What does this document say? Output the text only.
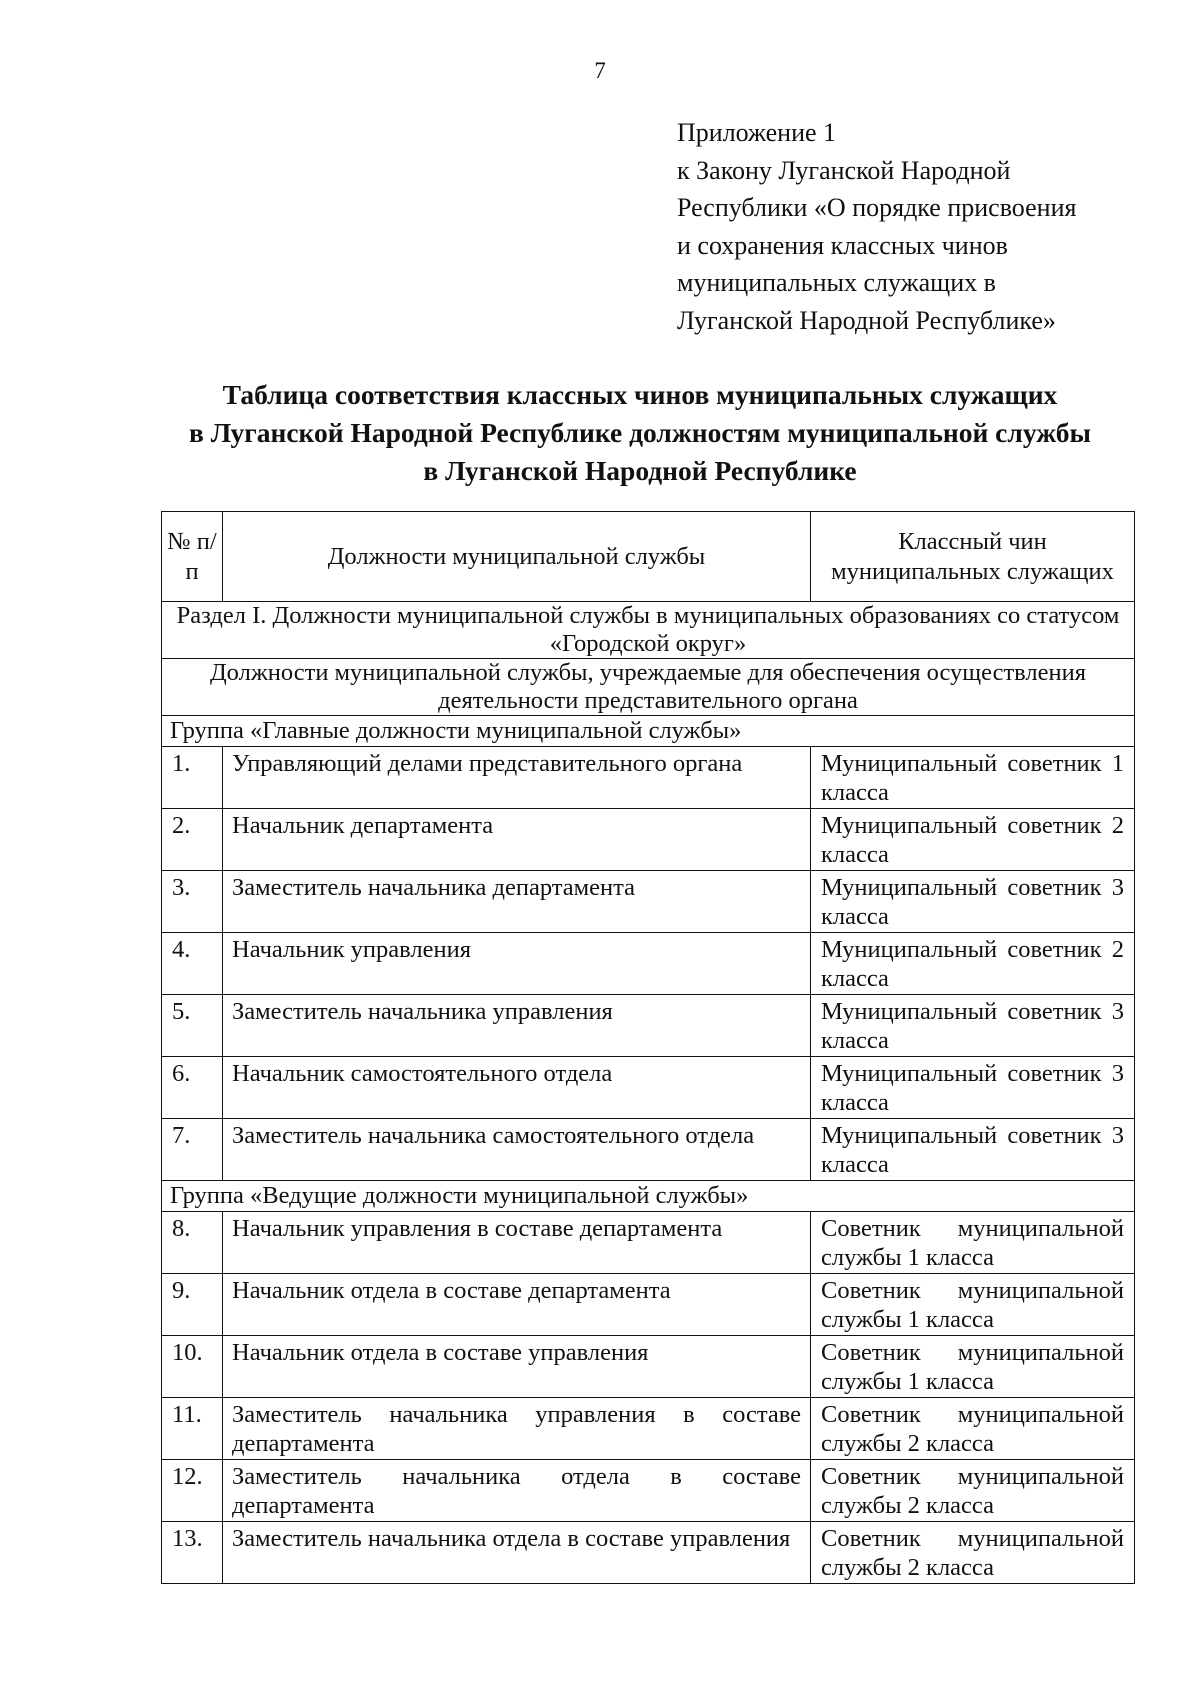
7
Приложение 1
к Закону Луганской Народной
Республики «О порядке присвоения
и сохранения классных чинов
муниципальных служащих в
Луганской Народной Республике»
Таблица соответствия классных чинов муниципальных служащих
в Луганской Народной Республике должностям муниципальной службы
в Луганской Народной Республике
№ п/п	Должности муниципальной службы	Классный чин муниципальных служащих
Раздел I. Должности муниципальной службы в муниципальных образованиях со статусом «Городской округ»		
Должности муниципальной службы, учреждаемые для обеспечения осуществления деятельности представительного органа		
Группа «Главные должности муниципальной службы»		
1.	Управляющий делами представительного органа	Муниципальный советник 1 класса
2.	Начальник департамента	Муниципальный советник 2 класса
3.	Заместитель начальника департамента	Муниципальный советник 3 класса
4.	Начальник управления	Муниципальный советник 2 класса
5.	Заместитель начальника управления	Муниципальный советник 3 класса
6.	Начальник самостоятельного отдела	Муниципальный советник 3 класса
7.	Заместитель начальника самостоятельного отдела	Муниципальный советник 3 класса
Группа «Ведущие должности муниципальной службы»		
8.	Начальник управления в составе департамента	Советник муниципальной службы 1 класса
9.	Начальник отдела в составе департамента	Советник муниципальной службы 1 класса
10.	Начальник отдела в составе управления	Советник муниципальной службы 1 класса
11.	Заместитель начальника управления в составе департамента	Советник муниципальной службы 2 класса
12.	Заместитель начальника отдела в составе департамента	Советник муниципальной службы 2 класса
13.	Заместитель начальника отдела в составе управления	Советник муниципальной службы 2 класса
